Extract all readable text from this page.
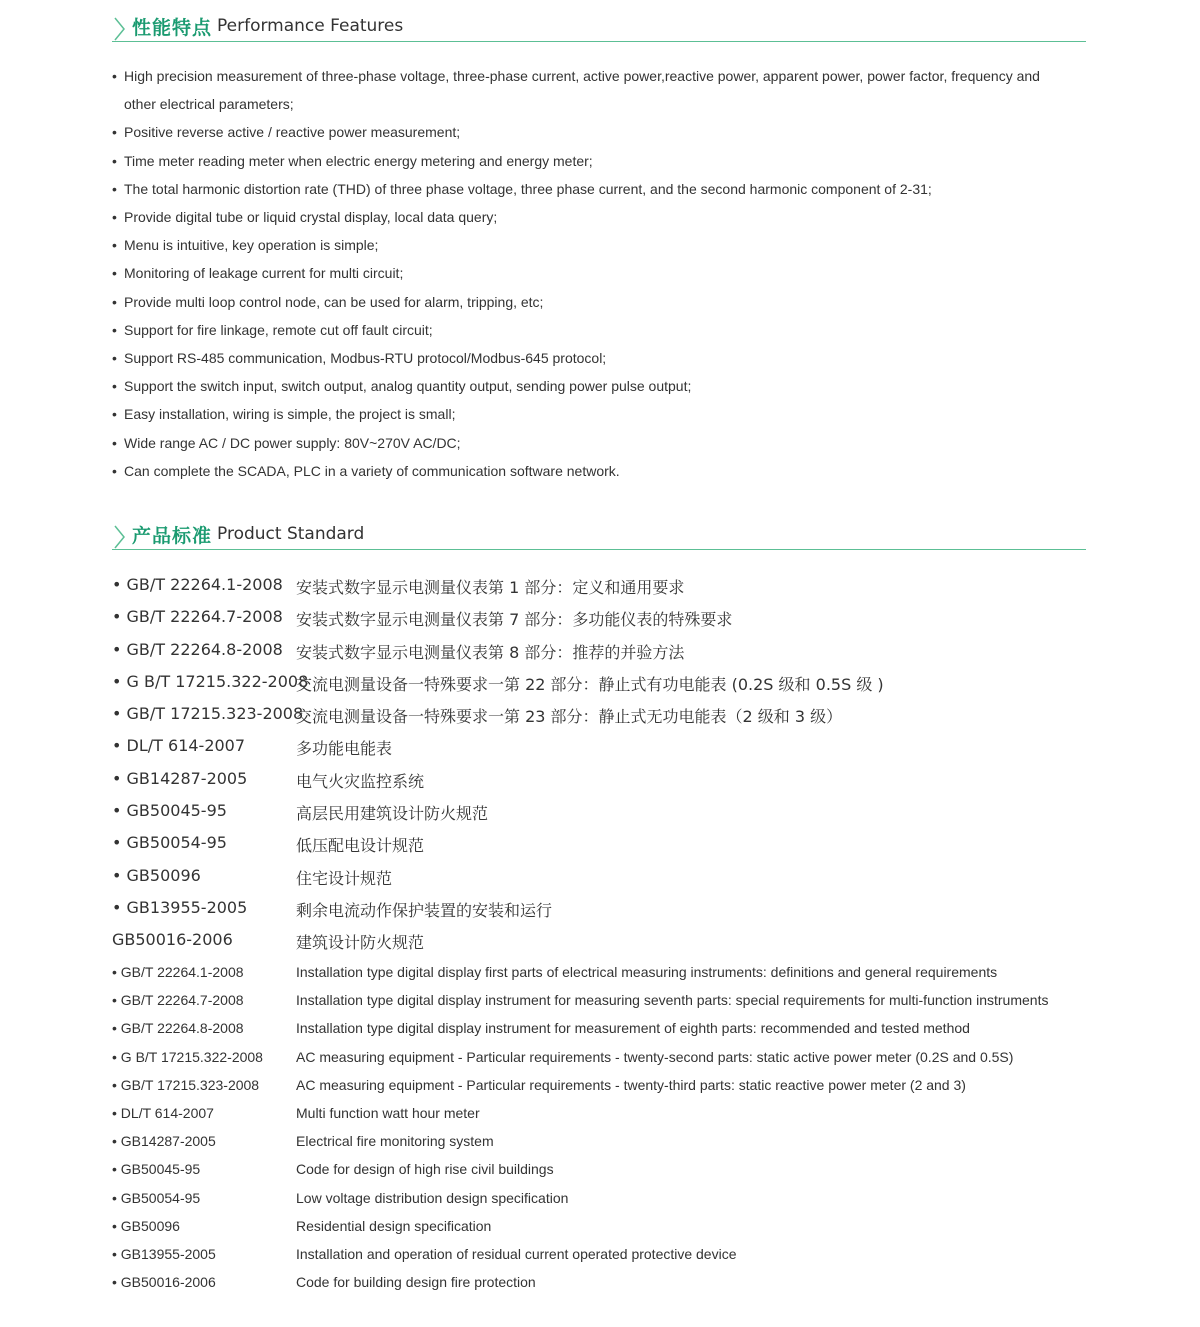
性能特点 Performance Features
• High precision measurement of three-phase voltage, three-phase current, active power,reactive power, apparent power, power factor, frequency and
other electrical parameters;
• Positive reverse active / reactive power measurement;
• Time meter reading meter when electric energy metering and energy meter;
• The total harmonic distortion rate (THD) of three phase voltage, three phase current, and the second harmonic component of 2-31;
• Provide digital tube or liquid crystal display, local data query;
• Menu is intuitive, key operation is simple;
• Monitoring of leakage current for multi circuit;
• Provide multi loop control node, can be used for alarm, tripping, etc;
• Support for fire linkage, remote cut off fault circuit;
• Support RS-485 communication, Modbus-RTU protocol/Modbus-645 protocol;
• Support the switch input, switch output, analog quantity output, sending power pulse output;
• Easy installation, wiring is simple, the project is small;
• Wide range AC / DC power supply: 80V~270V AC/DC;
• Can complete the SCADA, PLC in a variety of communication software network.
产品标准 Product Standard
• GB/T 22264.1-2008 安装式数字显示电测量仪表第 1 部分：定义和通用要求
• GB/T 22264.7-2008 安装式数字显示电测量仪表第 7 部分：多功能仪表的特殊要求
• GB/T 22264.8-2008 安装式数字显示电测量仪表第 8 部分：推荐的并验方法
• G B/T 17215.322-2008
交流电测量设备一特殊要求一第 22 部分：静止式有功电能表 (0.2S 级和 0.5S 级 )
• GB/T 17215.323-2008
交流电测量设备一特殊要求一第 23 部分：静止式无功电能表（2 级和 3 级）
• DL/T 614-2007	多功能电能表
• GB14287-2005	电气火灾监控系统
• GB50045-95	高层民用建筑设计防火规范
• GB50054-95	低压配电设计规范
• GB50096	住宅设计规范
• GB13955-2005	剩余电流动作保护装置的安装和运行
GB50016-2006	建筑设计防火规范
• GB/T 22264.1-2008	Installation type digital display first parts of electrical measuring instruments: definitions and general requirements
• GB/T 22264.7-2008	Installation type digital display instrument for measuring seventh parts: special requirements for multi-function instruments
• GB/T 22264.8-2008	Installation type digital display instrument for measurement of eighth parts: recommended and tested method
• G B/T 17215.322-2008 AC measuring equipment - Particular requirements - twenty-second parts: static active power meter (0.2S and 0.5S)
• GB/T 17215.323-2008	AC measuring equipment - Particular requirements - twenty-third parts: static reactive power meter (2 and 3)
• DL/T 614-2007	Multi function watt hour meter
• GB14287-2005	Electrical fire monitoring system
• GB50045-95	Code for design of high rise civil buildings
• GB50054-95	Low voltage distribution design specification
• GB50096	Residential design specification
• GB13955-2005	Installation and operation of residual current operated protective device
• GB50016-2006	Code for building design fire protection
